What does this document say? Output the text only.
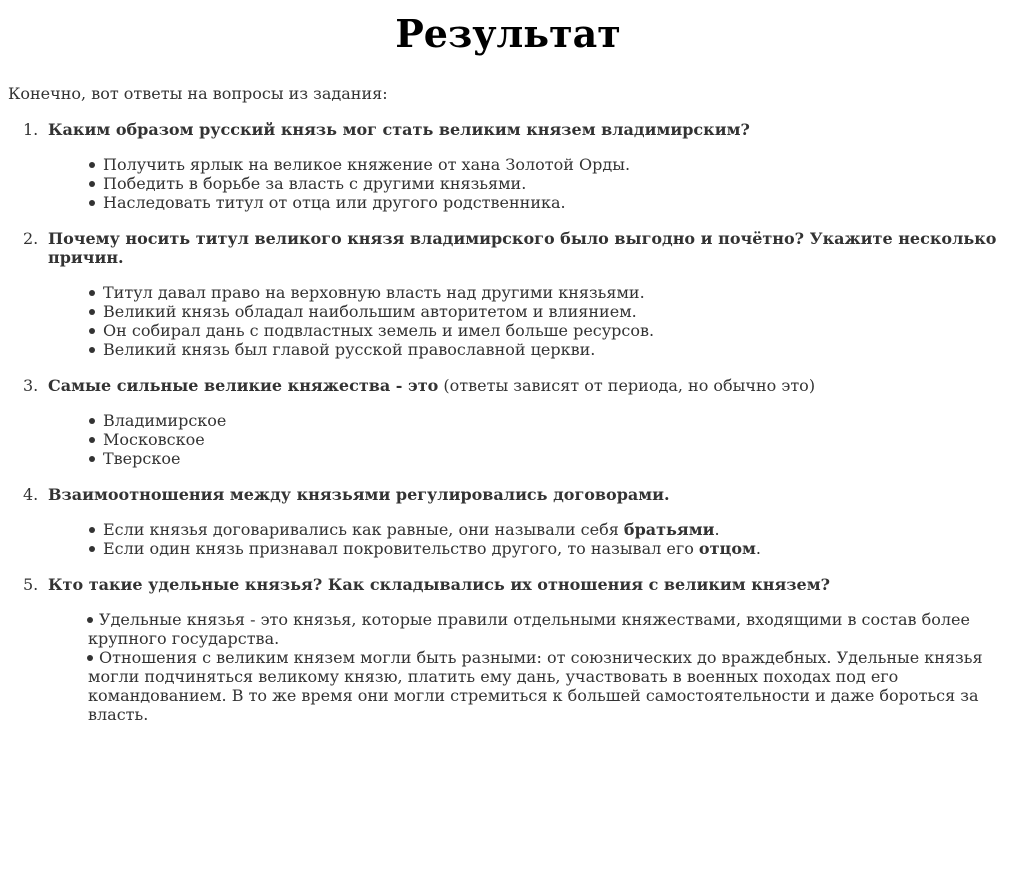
Результат

Конечно, вот ответы на вопросы из задания:

1. Каким образом русский князь мог стать великим князем владимирским?
Получить ярлык на великое княжение от хана Золотой Орды.
Победить в борьбе за власть с другими князьями.
Наследовать титул от отца или другого родственника.
2. Почему носить титул великого князя владимирского было выгодно и почётно? Укажите несколько причин.
Титул давал право на верховную власть над другими князьями.
Великий князь обладал наибольшим авторитетом и влиянием.
Он собирал дань с подвластных земель и имел больше ресурсов.
Великий князь был главой русской православной церкви.
3. Самые сильные великие княжества - это (ответы зависят от периода, но обычно это)
Владимирское
Московское
Тверское
4. Взаимоотношения между князьями регулировались договорами.
Если князья договаривались как равные, они называли себя братьями.
Если один князь признавал покровительство другого, то называл его отцом.
5. Кто такие удельные князья? Как складывались их отношения с великим князем?
Удельные князья - это князья, которые правили отдельными княжествами, входящими в состав более крупного государства.
Отношения с великим князем могли быть разными: от союзнических до враждебных. Удельные князья могли подчиняться великому князю, платить ему дань, участвовать в военных походах под его командованием. В то же время они могли стремиться к большей самостоятельности и даже бороться за власть.
